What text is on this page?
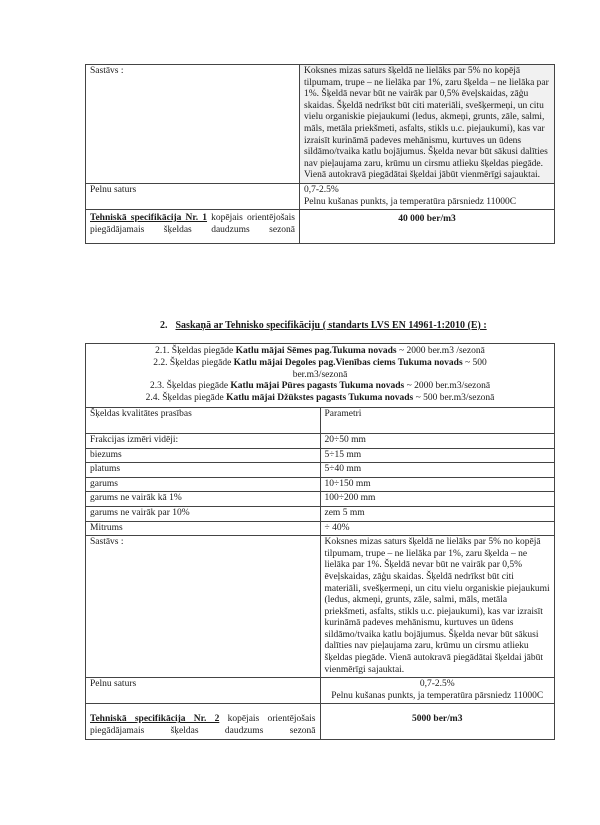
Sastāvs :	Koksnes mizas saturs šķeldā ne lielāks par 5% no kopējā tilpumam, trupe – ne lielāka par 1%, zaru šķelda – ne lielāka par 1%. Šķeldā nevar būt ne vairāk par 0,5% ēveļskaidas, zāģu skaidas. Šķeldā nedrīkst būt citi materiāli, svešķermeņi, un citu vielu organiskie piejaukumi (ledus, akmeņi, grunts, zāle, salmi, māls, metāla priekšmeti, asfalts, stikls u.c. piejaukumi), kas var izraisīt kurināmā padeves mehānismu, kurtuves un ūdens sildāmo/tvaika katlu bojājumus. Šķelda nevar būt sākusi dalīties nav pieļaujama zaru, krūmu un cirsmu atlieku šķeldas piegāde. Vienā autokravā piegādātai šķeldai jābūt vienmērīgi sajauktai.
Pelnu saturs	0,7-2.5%
Pelnu kušanas punkts, ja temperatūra pārsniedz 11000C

Tehniskā specifikācija Nr. 1 kopējais orientējošais piegādājamais šķeldas daudzums sezonā	40 000 ber/m3
2. Saskaņā ar Tehnisko specifikāciju ( standarts LVS EN 14961-1:2010 (E) :
2.1. Šķeldas piegāde Katlu mājai Sēmes pag.Tukuma novads ~ 2000 ber.m3 /sezonā
2.2. Šķeldas piegāde Katlu mājai Degoles pag.Vienības ciems Tukuma novads ~ 500 ber.m3/sezonā
2.3. Šķeldas piegāde Katlu mājai Pūres pagasts Tukuma novads ~ 2000 ber.m3/sezonā
2.4. Šķeldas piegāde Katlu mājai Džūkstes pagasts Tukuma novads ~ 500 ber.m3/sezonā	

Šķeldas kvalitātes prasības	Parametri
Frakcijas izmēri vidēji:	20÷50 mm
biezums	5÷15 mm
platums	5÷40 mm
garums	10÷150 mm
garums ne vairāk kā 1%	100÷200 mm
garums ne vairāk par 10%	zem 5 mm
Mitrums	÷ 40%
Sastāvs :	Koksnes mizas saturs šķeldā ne lielāks par 5% no kopējā tilpumam, trupe – ne lielāka par 1%, zaru šķelda – ne lielāka par 1%. Šķeldā nevar būt ne vairāk par 0,5% ēveļskaidas, zāģu skaidas. Šķeldā nedrīkst būt citi materiāli, svešķermeņi, un citu vielu organiskie piejaukumi (ledus, akmeņi, grunts, zāle, salmi, māls, metāla priekšmeti, asfalts, stikls u.c. piejaukumi), kas var izraisīt kurināmā padeves mehānismu, kurtuves un ūdens sildāmo/tvaika katlu bojājumus. Šķelda nevar būt sākusi dalīties nav pieļaujama zaru, krūmu un cirsmu atlieku šķeldas piegāde. Vienā autokravā piegādātai šķeldai jābūt vienmērīgi sajauktai.
Pelnu saturs	0,7-2.5%
Pelnu kušanas punkts, ja temperatūra pārsniedz 11000C

Tehniskā specifikācija Nr. 2 kopējais orientējošais piegādājamais šķeldas daudzums sezonā	5000 ber/m3
